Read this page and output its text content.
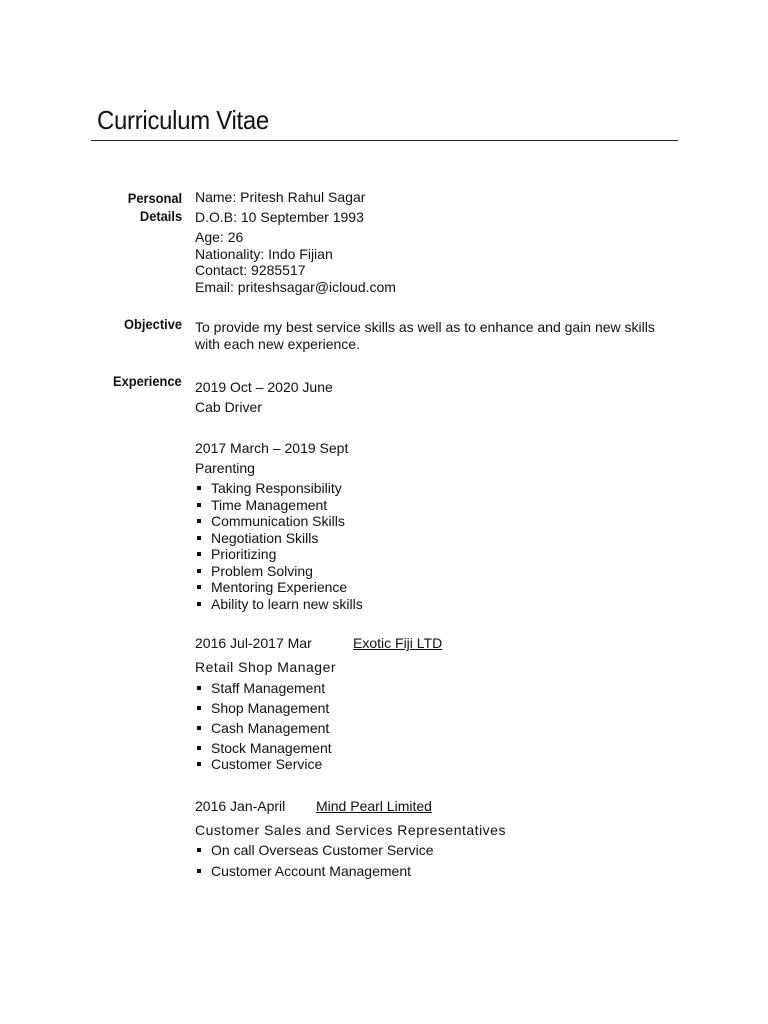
Curriculum Vitae
Personal
Details
Name: Pritesh Rahul Sagar
D.O.B: 10 September 1993
Age: 26
Nationality: Indo Fijian
Contact: 9285517
Email: priteshsagar@icloud.com
Objective To provide my best service skills as well as to enhance and gain new skills
with each new experience.
Experience 2019 Oct – 2020 June
Cab Driver
2017 March – 2019 Sept
Parenting
Taking Responsibility
Time Management
Communication Skills
Negotiation Skills
Prioritizing
Problem Solving
Mentoring Experience
Ability to learn new skills
2016 Jul-2017 Mar	Exotic Fiji LTD
Retail Shop Manager
Staff Management
Shop Management
Cash Management
Stock Management
Customer Service
2016 Jan-April	Mind Pearl Limited
Customer Sales and Services Representatives
On call Overseas Customer Service
Customer Account Management
